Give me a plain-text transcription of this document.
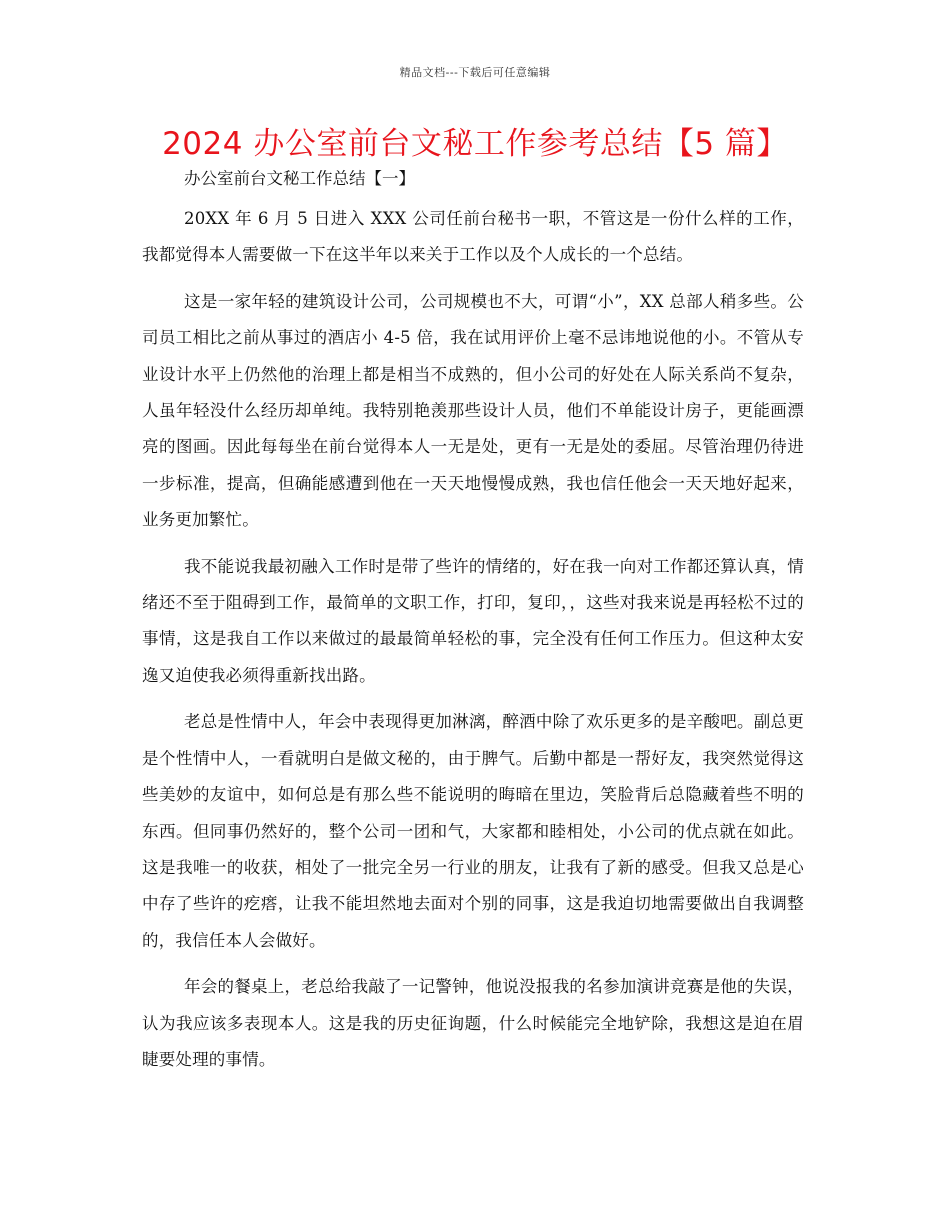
精品文档---下载后可任意编辑
2024 办公室前台文秘工作参考总结【5 篇】

办公室前台文秘工作总结【一】

20XX 年 6 月 5 日进入 XXX 公司任前台秘书一职，不管这是一份什么样的工作，我都觉得本人需要做一下在这半年以来关于工作以及个人成长的一个总结。

这是一家年轻的建筑设计公司，公司规模也不大，可谓“小”，XX 总部人稍多些。公司员工相比之前从事过的酒店小 4-5 倍，我在试用评价上毫不忌讳地说他的小。不管从专业设计水平上仍然他的治理上都是相当不成熟的，但小公司的好处在人际关系尚不复杂，人虽年轻没什么经历却单纯。我特别艳羡那些设计人员，他们不单能设计房子，更能画漂亮的图画。因此每每坐在前台觉得本人一无是处，更有一无是处的委屈。尽管治理仍待进一步标准，提高，但确能感遭到他在一天天地慢慢成熟，我也信任他会一天天地好起来，业务更加繁忙。

我不能说我最初融入工作时是带了些许的情绪的，好在我一向对工作都还算认真，情绪还不至于阻碍到工作，最简单的文职工作，打印，复印，，这些对我来说是再轻松不过的事情，这是我自工作以来做过的最最简单轻松的事，完全没有任何工作压力。但这种太安逸又迫使我必须得重新找出路。

老总是性情中人，年会中表现得更加淋漓，醉酒中除了欢乐更多的是辛酸吧。副总更是个性情中人，一看就明白是做文秘的，由于脾气。后勤中都是一帮好友，我突然觉得这些美妙的友谊中，如何总是有那么些不能说明的晦暗在里边，笑脸背后总隐藏着些不明的东西。但同事仍然好的，整个公司一团和气，大家都和睦相处，小公司的优点就在如此。这是我唯一的收获，相处了一批完全另一行业的朋友，让我有了新的感受。但我又总是心中存了些许的疙瘩，让我不能坦然地去面对个别的同事，这是我迫切地需要做出自我调整的，我信任本人会做好。

年会的餐桌上，老总给我敲了一记警钟，他说没报我的名参加演讲竞赛是他的失误，认为我应该多表现本人。这是我的历史征询题，什么时候能完全地铲除，我想这是迫在眉睫要处理的事情。
